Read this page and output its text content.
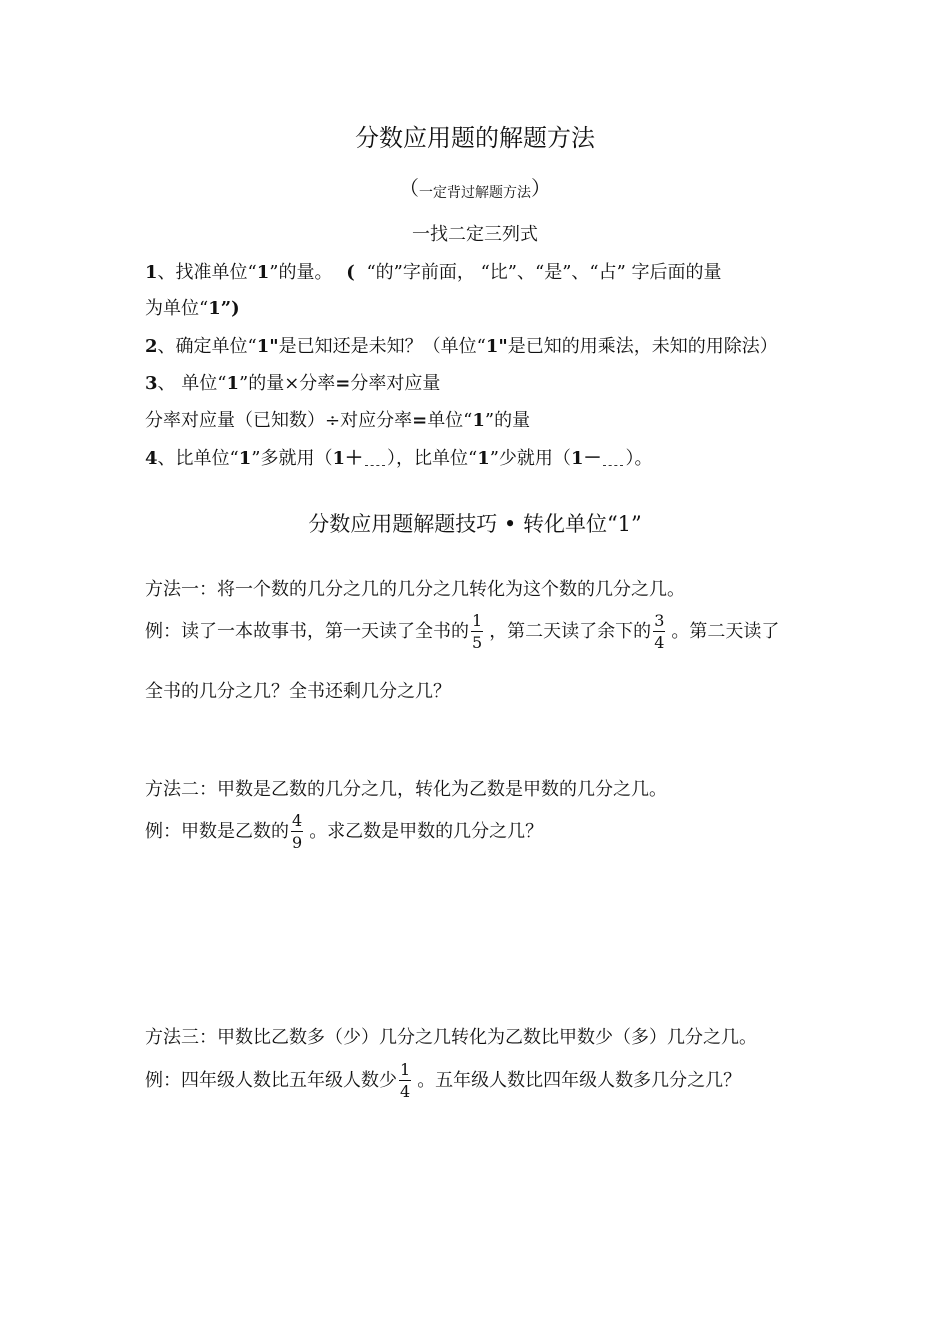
分数应用题的解题方法
（一定背过解题方法）
一找二定三列式
1、找准单位“1”的量。 ( “的”字前面， “比”、“是”、“占” 字后面的量
为单位“1”)
2、确定单位“1"是已知还是未知？（单位“1"是已知的用乘法，未知的用除法）
3、 单位“1”的量×分率=分率对应量
分率对应量（已知数）÷对应分率=单位“1”的量
4、比单位“1”多就用（1＋ ），比单位“1”少就用（1－ ）。
分数应用题解题技巧 • 转化单位“1”
方法一：将一个数的几分之几的几分之几转化为这个数的几分之几。
例：读了一本故事书，第一天读了全书的 $\frac{1}{5}$ ，第二天读了余下的 $\frac{3}{4}$ 。第二天读了
全书的几分之几？全书还剩几分之几？
方法二：甲数是乙数的几分之几，转化为乙数是甲数的几分之几。
例：甲数是乙数的 $\frac{4}{9}$ 。求乙数是甲数的几分之几？
方法三：甲数比乙数多（少）几分之几转化为乙数比甲数少（多）几分之几。
例：四年级人数比五年级人数少 $\frac{1}{4}$ 。五年级人数比四年级人数多几分之几？
